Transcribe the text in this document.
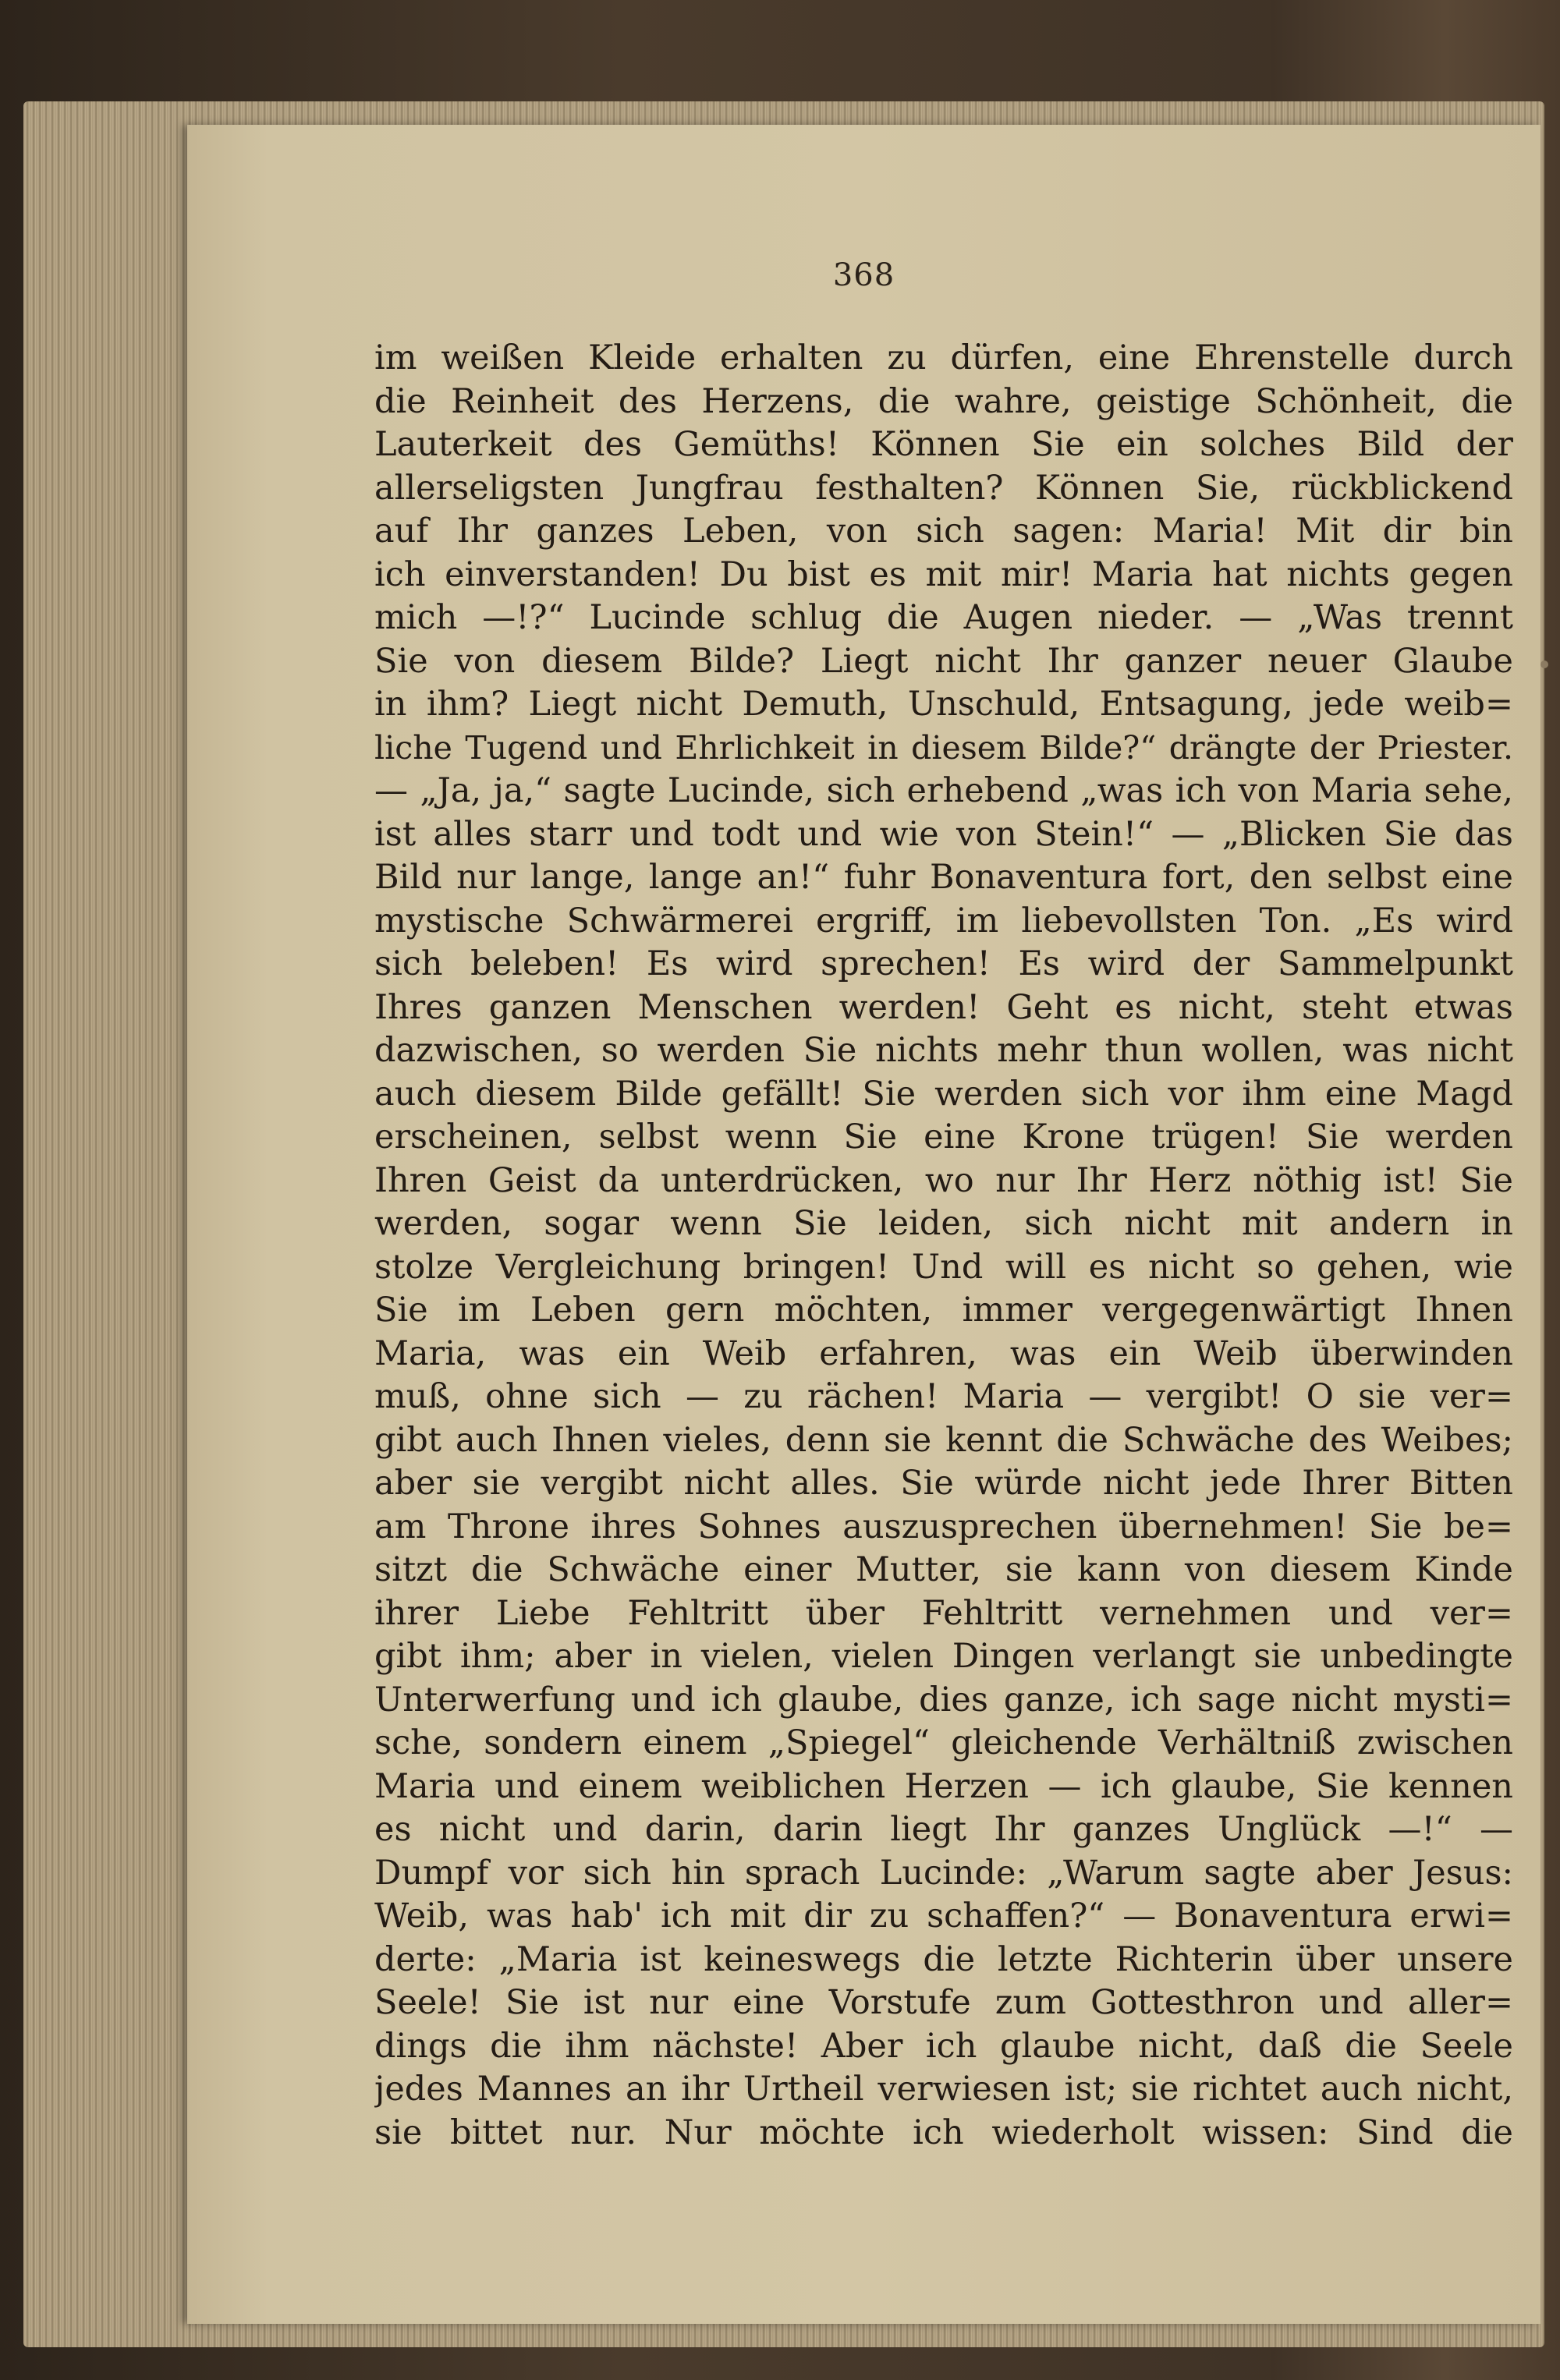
368
im weißen Kleide erhalten zu dürfen, eine Ehrenstelle durch
die Reinheit des Herzens, die wahre, geistige Schönheit, die
Lauterkeit des Gemüths! Können Sie ein solches Bild der
allerseligsten Jungfrau festhalten? Können Sie, rückblickend
auf Ihr ganzes Leben, von sich sagen: Maria! Mit dir bin
ich einverstanden! Du bist es mit mir! Maria hat nichts gegen
mich —!?“ Lucinde schlug die Augen nieder. — „Was trennt
Sie von diesem Bilde? Liegt nicht Ihr ganzer neuer Glaube
in ihm? Liegt nicht Demuth, Unschuld, Entsagung, jede weib=
liche Tugend und Ehrlichkeit in diesem Bilde?“ drängte der Priester.
— „Ja, ja,“ sagte Lucinde, sich erhebend „was ich von Maria sehe,
ist alles starr und todt und wie von Stein!“ — „Blicken Sie das
Bild nur lange, lange an!“ fuhr Bonaventura fort, den selbst eine
mystische Schwärmerei ergriff, im liebevollsten Ton. „Es wird
sich beleben! Es wird sprechen! Es wird der Sammelpunkt
Ihres ganzen Menschen werden! Geht es nicht, steht etwas
dazwischen, so werden Sie nichts mehr thun wollen, was nicht
auch diesem Bilde gefällt! Sie werden sich vor ihm eine Magd
erscheinen, selbst wenn Sie eine Krone trügen! Sie werden
Ihren Geist da unterdrücken, wo nur Ihr Herz nöthig ist! Sie
werden, sogar wenn Sie leiden, sich nicht mit andern in
stolze Vergleichung bringen! Und will es nicht so gehen, wie
Sie im Leben gern möchten, immer vergegenwärtigt Ihnen
Maria, was ein Weib erfahren, was ein Weib überwinden
muß, ohne sich — zu rächen! Maria — vergibt! O sie ver=
gibt auch Ihnen vieles, denn sie kennt die Schwäche des Weibes;
aber sie vergibt nicht alles. Sie würde nicht jede Ihrer Bitten
am Throne ihres Sohnes auszusprechen übernehmen! Sie be=
sitzt die Schwäche einer Mutter, sie kann von diesem Kinde
ihrer Liebe Fehltritt über Fehltritt vernehmen und ver=
gibt ihm; aber in vielen, vielen Dingen verlangt sie unbedingte
Unterwerfung und ich glaube, dies ganze, ich sage nicht mysti=
sche, sondern einem „Spiegel“ gleichende Verhältniß zwischen
Maria und einem weiblichen Herzen — ich glaube, Sie kennen
es nicht und darin, darin liegt Ihr ganzes Unglück —!“ —
Dumpf vor sich hin sprach Lucinde: „Warum sagte aber Jesus:
Weib, was hab' ich mit dir zu schaffen?“ — Bonaventura erwi=
derte: „Maria ist keineswegs die letzte Richterin über unsere
Seele! Sie ist nur eine Vorstufe zum Gottesthron und aller=
dings die ihm nächste! Aber ich glaube nicht, daß die Seele
jedes Mannes an ihr Urtheil verwiesen ist; sie richtet auch nicht,
sie bittet nur. Nur möchte ich wiederholt wissen: Sind die
